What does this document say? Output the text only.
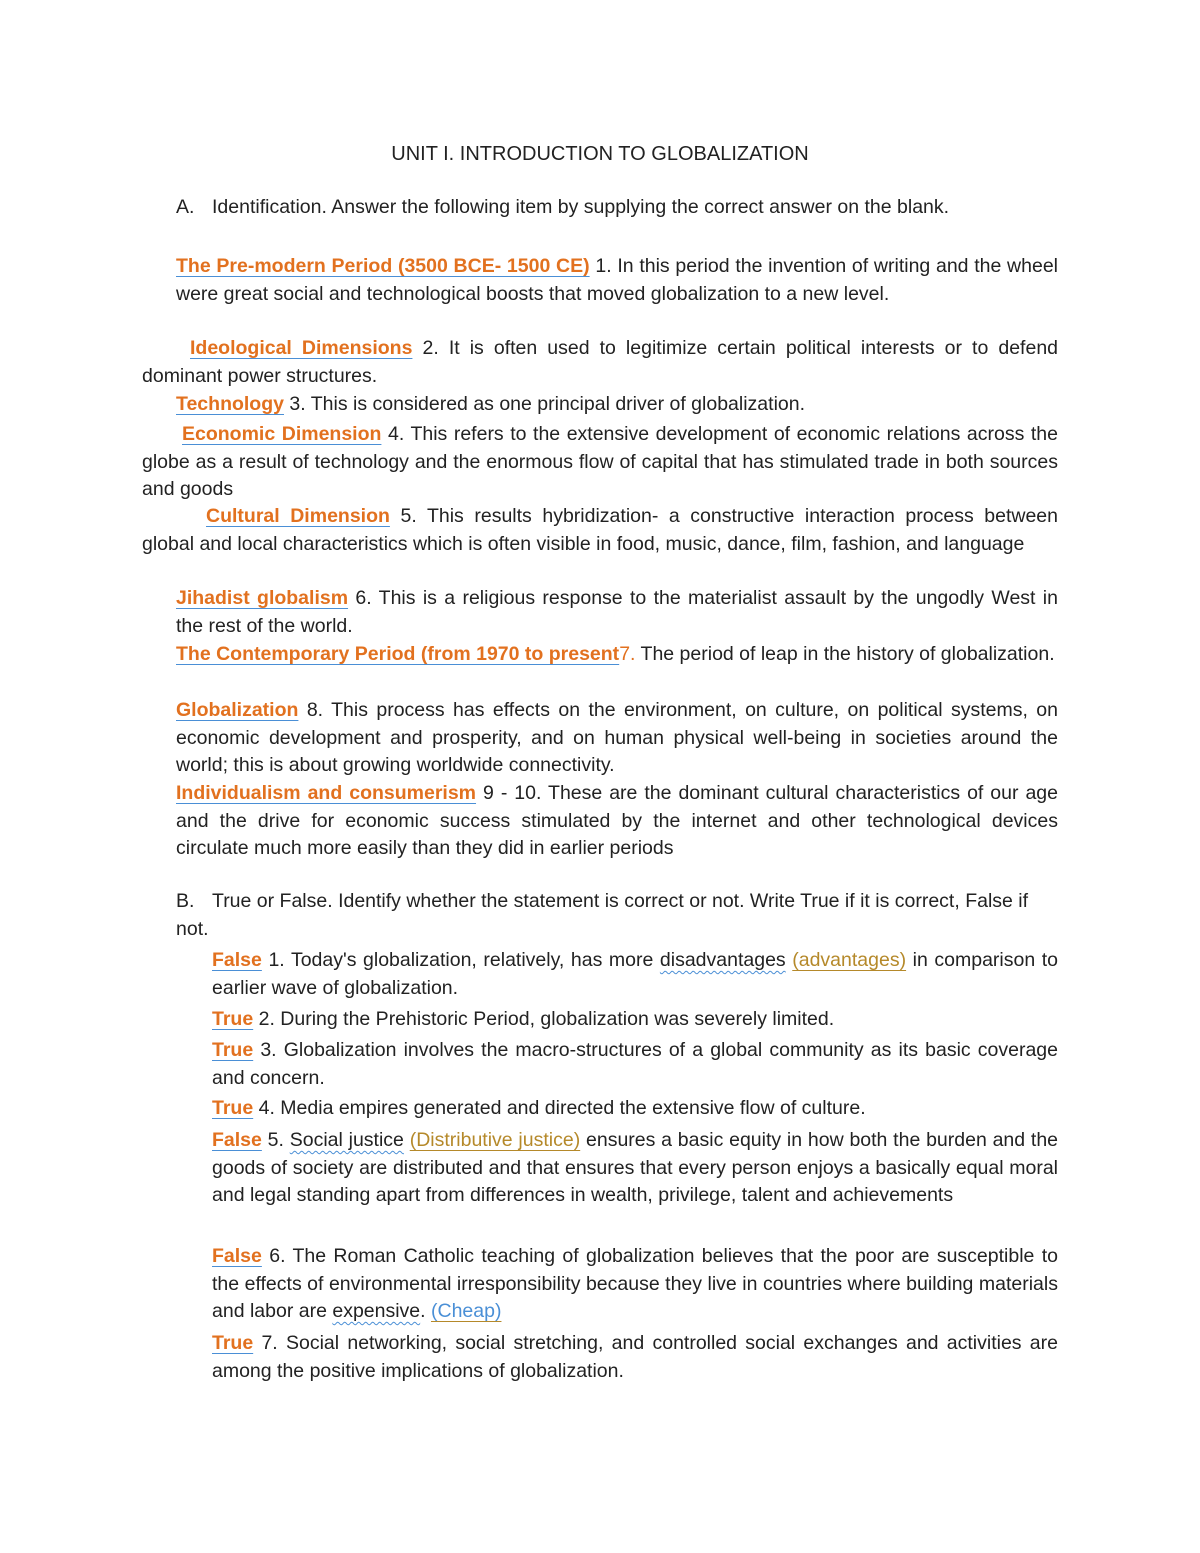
UNIT I. INTRODUCTION TO GLOBALIZATION
A. Identification. Answer the following item by supplying the correct answer on the blank.
The Pre-modern Period (3500 BCE- 1500 CE) 1. In this period the invention of writing and the wheel were great social and technological boosts that moved globalization to a new level.
Ideological Dimensions 2. It is often used to legitimize certain political interests or to defend dominant power structures.
Technology 3. This is considered as one principal driver of globalization.
Economic Dimension 4. This refers to the extensive development of economic relations across the globe as a result of technology and the enormous flow of capital that has stimulated trade in both sources and goods
Cultural Dimension 5. This results hybridization- a constructive interaction process between global and local characteristics which is often visible in food, music, dance, film, fashion, and language
Jihadist globalism 6. This is a religious response to the materialist assault by the ungodly West in the rest of the world.
The Contemporary Period (from 1970 to present7. The period of leap in the history of globalization.
Globalization 8. This process has effects on the environment, on culture, on political systems, on economic development and prosperity, and on human physical well-being in societies around the world; this is about growing worldwide connectivity.
Individualism and consumerism 9 - 10. These are the dominant cultural characteristics of our age and the drive for economic success stimulated by the internet and other technological devices circulate much more easily than they did in earlier periods
B. True or False. Identify whether the statement is correct or not. Write True if it is correct, False if not.
False 1. Today's globalization, relatively, has more disadvantages (advantages) in comparison to earlier wave of globalization.
True 2. During the Prehistoric Period, globalization was severely limited.
True 3. Globalization involves the macro-structures of a global community as its basic coverage and concern.
True 4. Media empires generated and directed the extensive flow of culture.
False 5. Social justice (Distributive justice) ensures a basic equity in how both the burden and the goods of society are distributed and that ensures that every person enjoys a basically equal moral and legal standing apart from differences in wealth, privilege, talent and achievements
False 6. The Roman Catholic teaching of globalization believes that the poor are susceptible to the effects of environmental irresponsibility because they live in countries where building materials and labor are expensive. (Cheap)
True 7. Social networking, social stretching, and controlled social exchanges and activities are among the positive implications of globalization.
